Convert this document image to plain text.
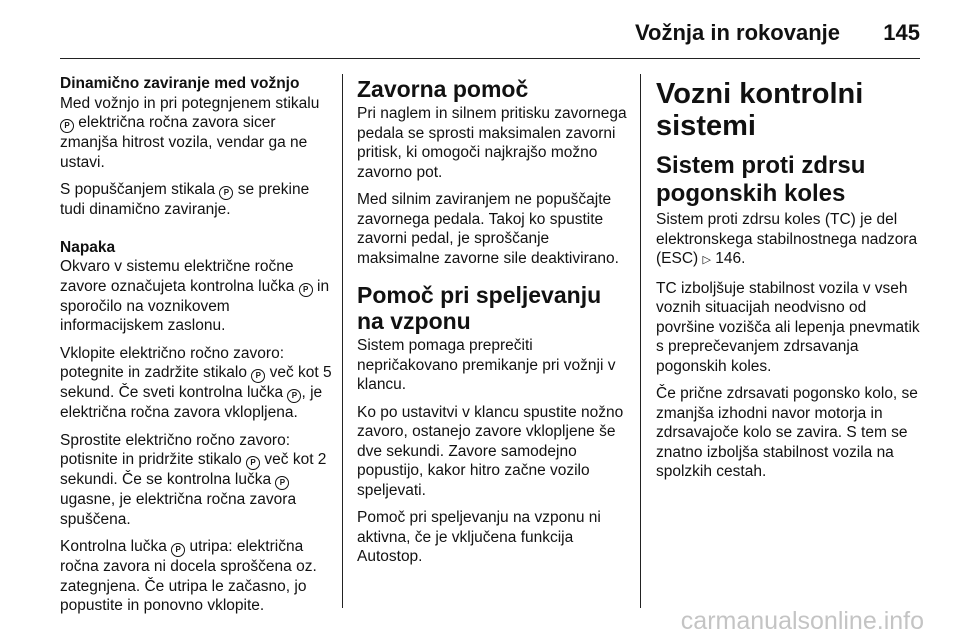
Vožnja in rokovanje 145

Dinamično zaviranje med vožnjo

Med vožnjo in pri potegnjenem stikalu P električna ročna zavora sicer zmanjša hitrost vozila, vendar ga ne ustavi.

S popuščanjem stikala P se prekine tudi dinamično zaviranje.

Napaka

Okvaro v sistemu električne ročne zavore označujeta kontrolna lučka P in sporočilo na voznikovem informacijskem zaslonu.

Vklopite električno ročno zavoro: potegnite in zadržite stikalo P več kot 5 sekund. Če sveti kontrolna lučka P , je električna ročna zavora vklopljena.

Sprostite električno ročno zavoro: potisnite in pridržite stikalo P več kot 2 sekundi. Če se kontrolna lučka P ugasne, je električna ročna zavora spuščena.

Kontrolna lučka P utripa: električna ročna zavora ni docela sproščena oz. zategnjena. Če utripa le začasno, jo popustite in ponovno vklopite.

Zavorna pomoč

Pri naglem in silnem pritisku zavornega pedala se sprosti maksimalen zavorni pritisk, ki omogoči najkrajšo možno zavorno pot.

Med silnim zaviranjem ne popuščajte zavornega pedala. Takoj ko spustite zavorni pedal, je sproščanje maksimalne zavorne sile deaktivirano.

Pomoč pri speljevanju na vzponu

Sistem pomaga preprečiti nepričakovano premikanje pri vožnji v klancu.

Ko po ustavitvi v klancu spustite nožno zavoro, ostanejo zavore vklopljene še dve sekundi. Zavore samodejno popustijo, kakor hitro začne vozilo speljevati.

Pomoč pri speljevanju na vzponu ni aktivna, če je vključena funkcija Autostop.

Vozni kontrolni sistemi
Sistem proti zdrsu pogonskih koles

Sistem proti zdrsu koles (TC) je del elektronskega stabilnostnega nadzora (ESC) ▷ 146.

TC izboljšuje stabilnost vozila v vseh voznih situacijah neodvisno od površine vozišča ali lepenja pnevmatik s preprečevanjem zdrsavanja pogonskih koles.

Če pričnе zdrsavati pogonsko kolo, se zmanjša izhodni navor motorja in zdrsavajoče kolo se zavira. S tem se znatno izboljša stabilnost vozila na spolzkih cestah.

carmanualsonline.info
